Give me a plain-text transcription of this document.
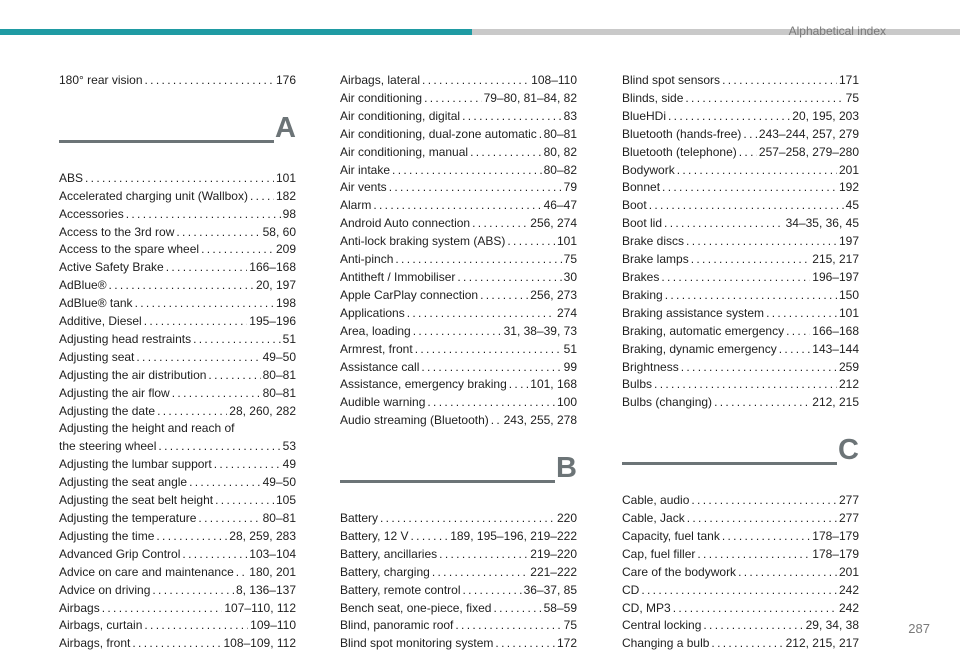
Alphabetical index
180° rear vision . . .	176
A
ABS . . .	101
Accelerated charging unit (Wallbox) . . . 182
Accessories . . .	98
Access to the 3rd row . . .	58, 60
Access to the spare wheel . . .	209
Active Safety Brake . . .	166–168
AdBlue® . . .	20, 197
AdBlue® tank . . .	198
Additive, Diesel . . .	195–196
Adjusting head restraints . . .	51
Adjusting seat . . .	49–50
Adjusting the air distribution . . .	80–81
Adjusting the air flow . . .	80–81
Adjusting the date . . .	28, 260, 282
Adjusting the height and reach of
the steering wheel . . .	53
Adjusting the lumbar support . . .	49
Adjusting the seat angle . . .	49–50
Adjusting the seat belt height . . .	105
Adjusting the temperature . . .	80–81
Adjusting the time . . .	28, 259, 283
Advanced Grip Control . . .	103–104
Advice on care and maintenance . . . 180, 201
Advice on driving . . .	8, 136–137
Airbags . . .	107–110, 112
Airbags, curtain . . .	109–110
Airbags, front . . .	108–109, 112
Airbags, lateral . . .	108–110
Air conditioning . . .	79–80, 81–84, 82
Air conditioning, digital . . .	83
Air conditioning, dual-zone automatic . . . 80–81
Air conditioning, manual . . .	80, 82
Air intake . . .	80–82
Air vents . . .	79
Alarm . . .	46–47
Android Auto connection . . .	256, 274
Anti-lock braking system (ABS) . . .	101
Anti-pinch . . .	75
Antitheft / Immobiliser . . .	30
Apple CarPlay connection . . .	256, 273
Applications . . .	274
Area, loading . . .	31, 38–39, 73
Armrest, front . . .	51
Assistance call . . .	99
Assistance, emergency braking . . . 101, 168
Audible warning . . .	100
Audio streaming (Bluetooth) . . . 243, 255, 278
B
Battery . . .	220
Battery, 12 V . . .	189, 195–196, 219–222
Battery, ancillaries . . .	219–220
Battery, charging . . .	221–222
Battery, remote control . . .	36–37, 85
Bench seat, one-piece, fixed . . .	58–59
Blind, panoramic roof . . .	75
Blind spot monitoring system . . .	172
Blind spot sensors . . .	171
Blinds, side . . .	75
BlueHDi . . .	20, 195, 203
Bluetooth (hands-free) . . . 243–244, 257, 279
Bluetooth (telephone) . . . 257–258, 279–280
Bodywork . . .	201
Bonnet . . .	192
Boot . . .	45
Boot lid . . .	34–35, 36, 45
Brake discs . . .	197
Brake lamps . . .	215, 217
Brakes . . .	196–197
Braking . . .	150
Braking assistance system . . .	101
Braking, automatic emergency . . . 166–168
Braking, dynamic emergency . . .	143–144
Brightness . . .	259
Bulbs . . .	212
Bulbs (changing) . . .	212, 215
C
Cable, audio . . .	277
Cable, Jack . . .	277
Capacity, fuel tank . . .	178–179
Cap, fuel filler . . .	178–179
Care of the bodywork . . .	201
CD . . .	242
CD, MP3 . . .	242
Central locking . . .	29, 34, 38
Changing a bulb . . .	212, 215, 217
287
